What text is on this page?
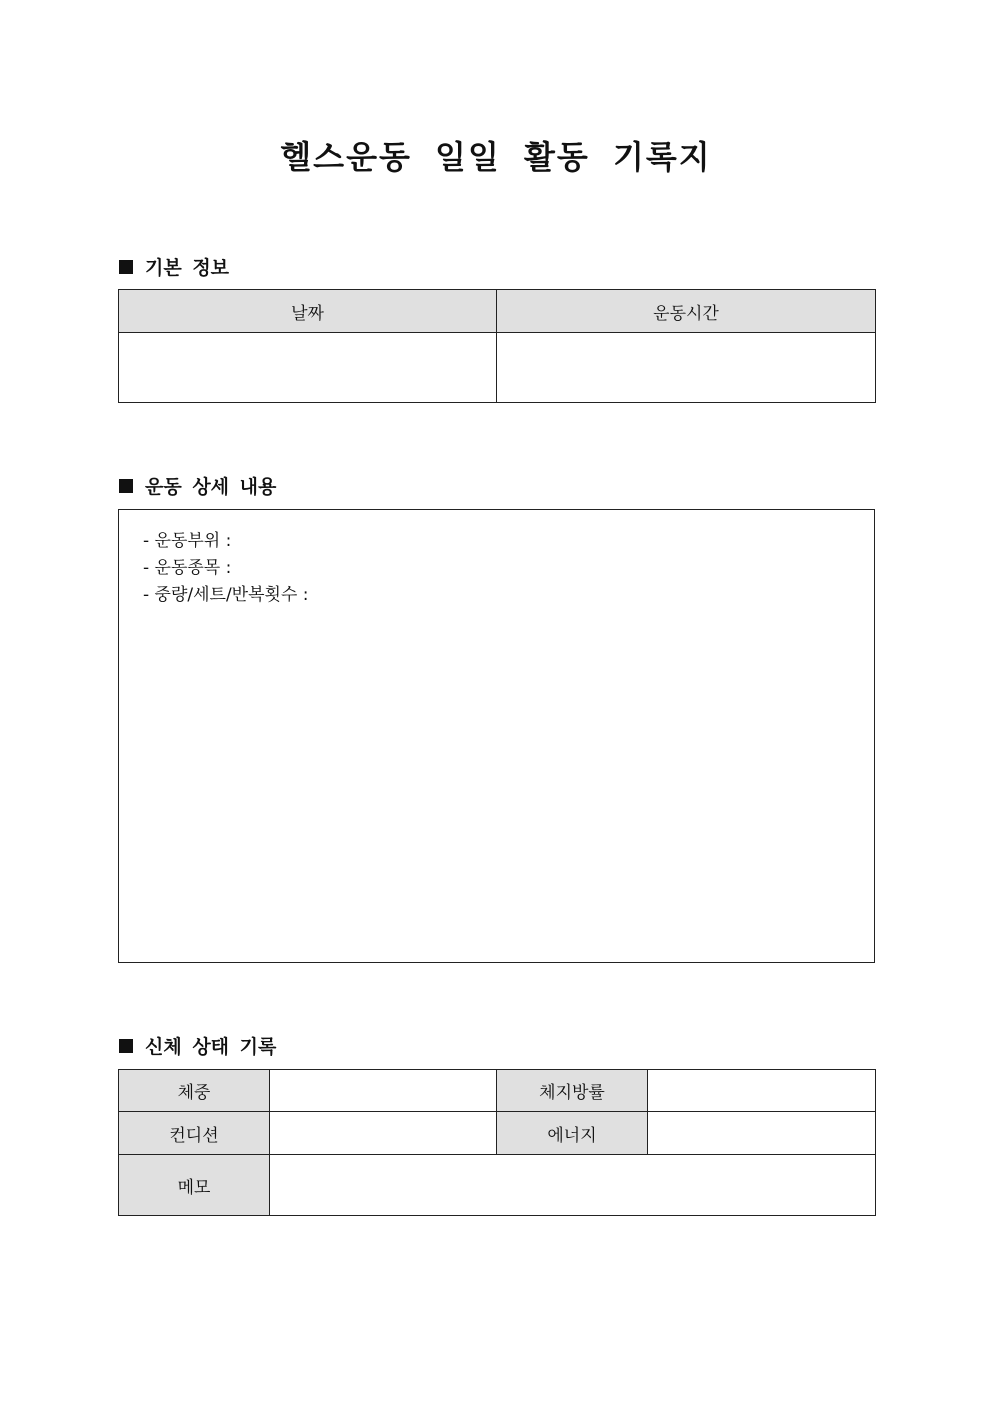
헬스운동 일일 활동 기록지
기본 정보
날짜	운동시간

운동 상세 내용
- 운동부위 :
- 운동종목 :
- 중량/세트/반복횟수 :
신체 상태 기록
체중		체지방률	
컨디션		에너지	
메모			
